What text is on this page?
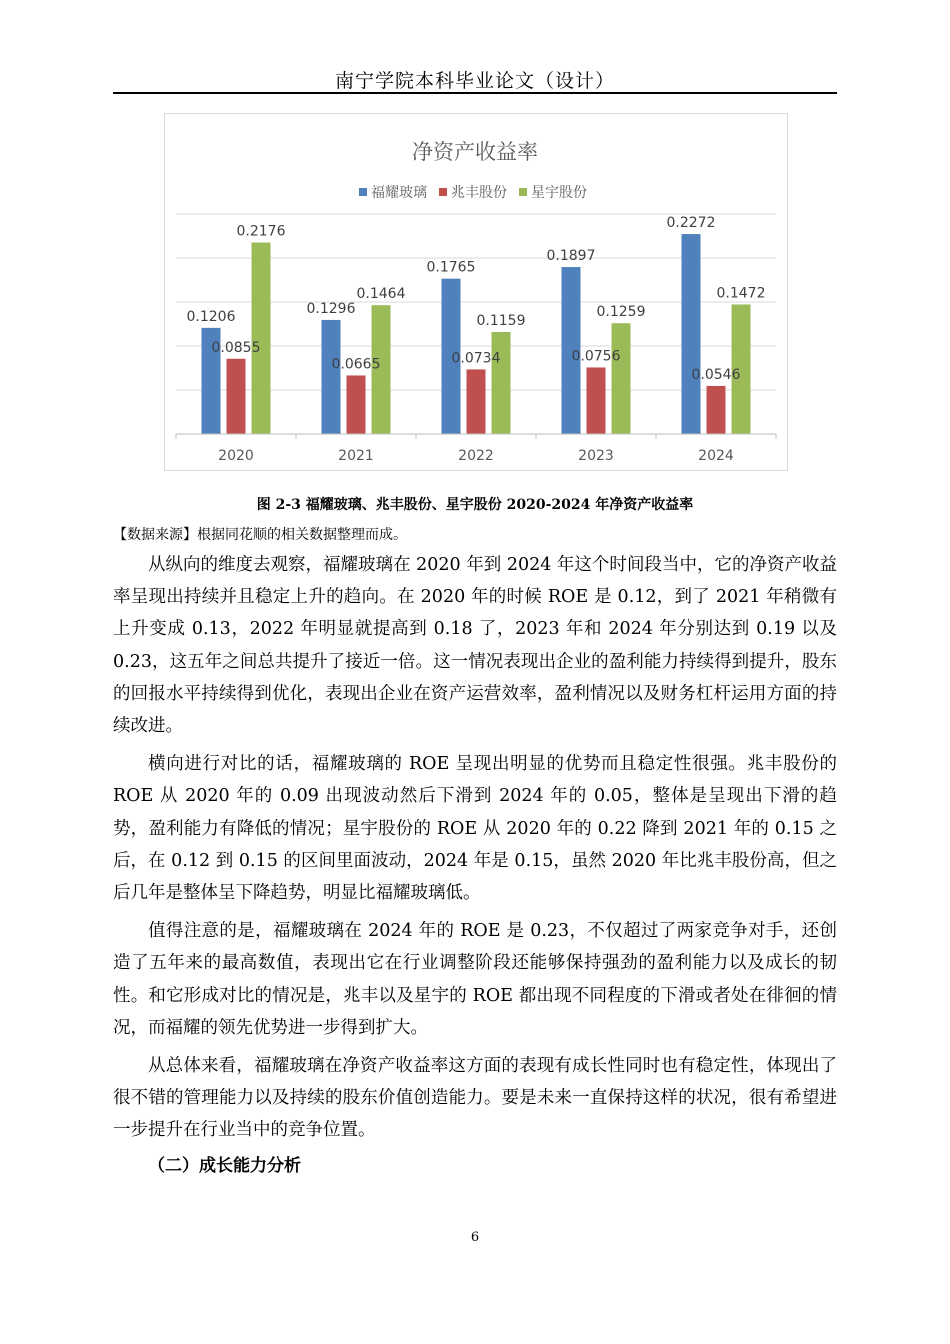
南宁学院本科毕业论文（设计）
净资产收益率
福耀玻璃 兆丰股份 星宇股份
0.1206	0.1296
0.1765
0.1897
0.2272
0.0855
0.0665	0.0734	0.0756
0.0546
0.2176
0.1464
0.1159
0.1259
0.1472
2020	2021	2022	2023	2024
图 2-3 福耀玻璃、兆丰股份、星宇股份 2020-2024 年净资产收益率
【数据来源】根据同花顺的相关数据整理而成。

从纵向的维度去观察，福耀玻璃在 2020 年到 2024 年这个时间段当中，它的净资产收益率呈现出持续并且稳定上升的趋向。在 2020 年的时候 ROE 是 0.12，到了 2021 年稍微有上升变成 0.13，2022 年明显就提高到 0.18 了，2023 年和 2024 年分别达到 0.19 以及 0.23，这五年之间总共提升了接近一倍。这一情况表现出企业的盈利能力持续得到提升，股东的回报水平持续得到优化，表现出企业在资产运营效率，盈利情况以及财务杠杆运用方面的持续改进。

横向进行对比的话，福耀玻璃的 ROE 呈现出明显的优势而且稳定性很强。兆丰股份的 ROE 从 2020 年的 0.09 出现波动然后下滑到 2024 年的 0.05，整体是呈现出下滑的趋势，盈利能力有降低的情况；星宇股份的 ROE 从 2020 年的 0.22 降到 2021 年的 0.15 之后，在 0.12 到 0.15 的区间里面波动，2024 年是 0.15，虽然 2020 年比兆丰股份高，但之后几年是整体呈下降趋势，明显比福耀玻璃低。

值得注意的是，福耀玻璃在 2024 年的 ROE 是 0.23，不仅超过了两家竞争对手，还创造了五年来的最高数值，表现出它在行业调整阶段还能够保持强劲的盈利能力以及成长的韧性。和它形成对比的情况是，兆丰以及星宇的 ROE 都出现不同程度的下滑或者处在徘徊的情况，而福耀的领先优势进一步得到扩大。

从总体来看，福耀玻璃在净资产收益率这方面的表现有成长性同时也有稳定性，体现出了很不错的管理能力以及持续的股东价值创造能力。要是未来一直保持这样的状况，很有希望进一步提升在行业当中的竞争位置。

（二）成长能力分析
6
